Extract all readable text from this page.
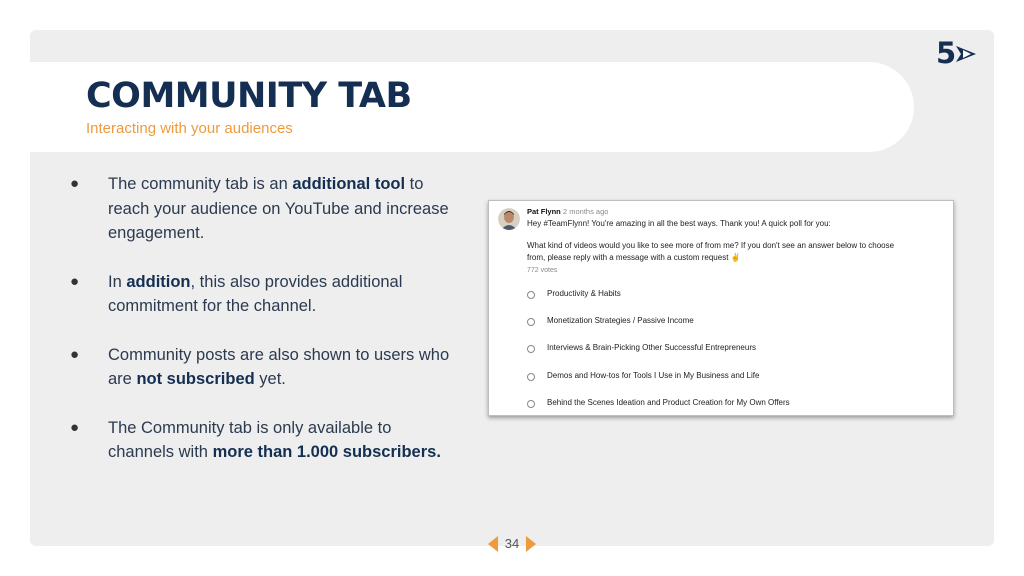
COMMUNITY TAB
Interacting with your audiences
5
● The community tab is an additional tool to reach your audience on YouTube and increase engagement.
● In addition, this also provides additional commitment for the channel.
● Community posts are also shown to users who are not subscribed yet.
● The Community tab is only available to channels with more than 1.000 subscribers.
Pat Flynn 2 months ago
Hey #TeamFlynn! You're amazing in all the best ways. Thank you! A quick poll for you:
What kind of videos would you like to see more of from me? If you don't see an answer below to choose
from, please reply with a message with a custom request ✌
772 votes
Productivity & Habits
Monetization Strategies / Passive Income
Interviews & Brain-Picking Other Successful Entrepreneurs
Demos and How-tos for Tools I Use in My Business and Life
Behind the Scenes Ideation and Product Creation for My Own Offers
34
